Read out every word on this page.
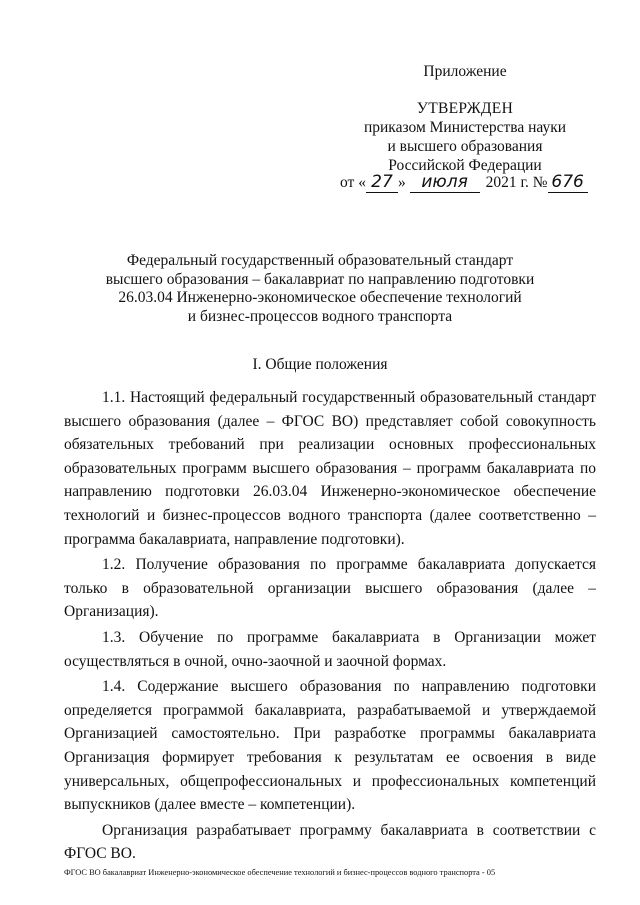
Приложение
УТВЕРЖДЕН
приказом Министерства науки
и высшего образования
Российской Федерации
от « 27 » июля 2021 г. № 676
Федеральный государственный образовательный стандарт
высшего образования – бакалавриат по направлению подготовки
26.03.04 Инженерно-экономическое обеспечение технологий
и бизнес-процессов водного транспорта
I. Общие положения

1.1. Настоящий федеральный государственный образовательный стандарт высшего образования (далее – ФГОС ВО) представляет собой совокупность обязательных требований при реализации основных профессиональных образовательных программ высшего образования – программ бакалавриата по направлению подготовки 26.03.04 Инженерно-экономическое обеспечение технологий и бизнес-процессов водного транспорта (далее соответственно – программа бакалавриата, направление подготовки).

1.2. Получение образования по программе бакалавриата допускается только в образовательной организации высшего образования (далее – Организация).

1.3. Обучение по программе бакалавриата в Организации может осуществляться в очной, очно-заочной и заочной формах.

1.4. Содержание высшего образования по направлению подготовки определяется программой бакалавриата, разрабатываемой и утверждаемой Организацией самостоятельно. При разработке программы бакалавриата Организация формирует требования к результатам ее освоения в виде универсальных, общепрофессиональных и профессиональных компетенций выпускников (далее вместе – компетенции).

Организация разрабатывает программу бакалавриата в соответствии с ФГОС ВО.

ФГОС ВО бакалавриат Инженерно-экономическое обеспечение технологий и бизнес-процессов водного транспорта - 05
